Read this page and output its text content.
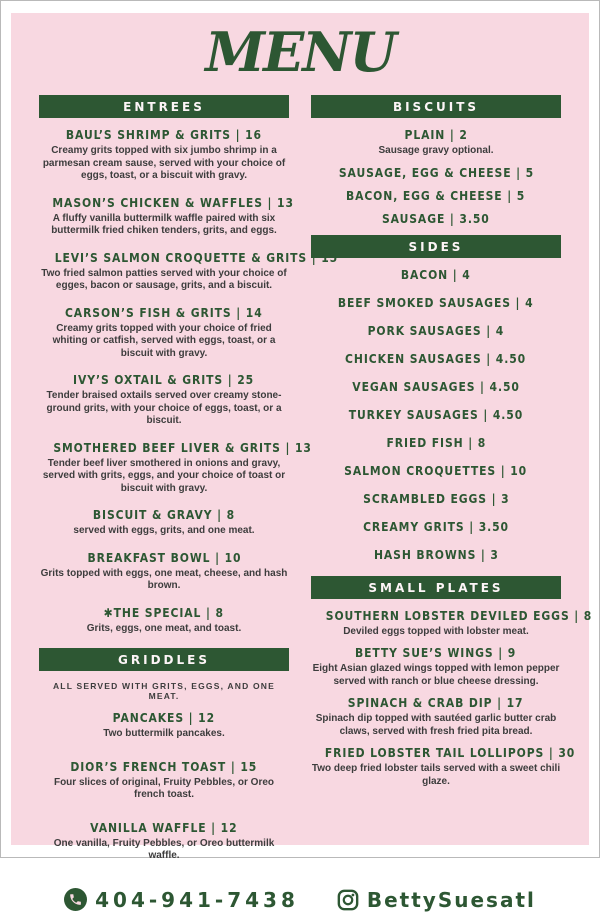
MENU
ENTREES
BAUL’S SHRIMP & GRITS | 16
Creamy grits topped with six jumbo shrimp in a parmesan cream sause, served with your choice of eggs, toast, or a biscuit with gravy.
MASON’S CHICKEN & WAFFLES | 13
A fluffy vanilla buttermilk waffle paired with six buttermilk fried chiken tenders, grits, and eggs.
LEVI’S SALMON CROQUETTE & GRITS | 15
Two fried salmon patties served with your choice of egges, bacon or sausage, grits, and a biscuit.
CARSON’S FISH & GRITS | 14
Creamy grits topped with your choice of fried whiting or catfish, served with eggs, toast, or a biscuit with gravy.
IVY’S OXTAIL & GRITS | 25
Tender braised oxtails served over creamy stone-ground grits, with your choice of eggs, toast, or a biscuit.
SMOTHERED BEEF LIVER & GRITS | 13
Tender beef liver smothered in onions and gravy, served with grits, eggs, and your choice of toast or biscuit with gravy.
BISCUIT & GRAVY | 8
served with eggs, grits, and one meat.
BREAKFAST BOWL | 10
Grits topped with eggs, one meat, cheese, and hash brown.
✱THE SPECIAL | 8
Grits, eggs, one meat, and toast.
GRIDDLES
ALL SERVED WITH GRITS, EGGS, AND ONE MEAT.
PANCAKES | 12
Two buttermilk pancakes.
DIOR’S FRENCH TOAST | 15
Four slices of original, Fruity Pebbles, or Oreo french toast.
VANILLA WAFFLE | 12
One vanilla, Fruity Pebbles, or Oreo buttermilk waffle.
BISCUITS
PLAIN | 2
Sausage gravy optional.
SAUSAGE, EGG & CHEESE | 5
BACON, EGG & CHEESE | 5
SAUSAGE | 3.50
SIDES
BACON | 4
BEEF SMOKED SAUSAGES | 4
PORK SAUSAGES | 4
CHICKEN SAUSAGES | 4.50
VEGAN SAUSAGES | 4.50
TURKEY SAUSAGES | 4.50
FRIED FISH | 8
SALMON CROQUETTES | 10
SCRAMBLED EGGS | 3
CREAMY GRITS | 3.50
HASH BROWNS | 3
SMALL PLATES
SOUTHERN LOBSTER DEVILED EGGS | 8
Deviled eggs topped with lobster meat.
BETTY SUE’S WINGS | 9
Eight Asian glazed wings topped with lemon pepper served with ranch or blue cheese dressing.
SPINACH & CRAB DIP | 17
Spinach dip topped with sautéed garlic butter crab claws, served with fresh fried pita bread.
FRIED LOBSTER TAIL LOLLIPOPS | 30
Two deep fried lobster tails served with a sweet chili glaze.
404-941-7438	BettySuesatl
